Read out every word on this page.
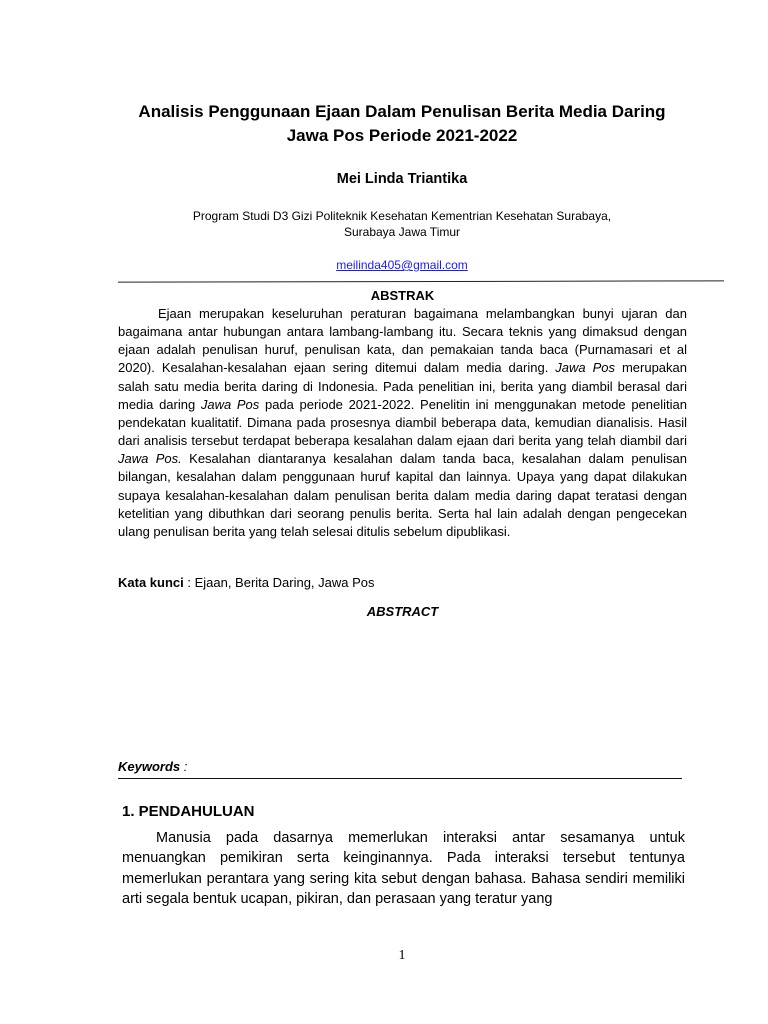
Analisis Penggunaan Ejaan Dalam Penulisan Berita Media Daring
Jawa Pos Periode 2021-2022
Mei Linda Triantika
Program Studi D3 Gizi Politeknik Kesehatan Kementrian Kesehatan Surabaya,
Surabaya Jawa Timur
meilinda405@gmail.com
ABSTRAK
Ejaan merupakan keseluruhan peraturan bagaimana melambangkan bunyi ujaran dan bagaimana antar hubungan antara lambang-lambang itu. Secara teknis yang dimaksud dengan ejaan adalah penulisan huruf, penulisan kata, dan pemakaian tanda baca (Purnamasari et al 2020). Kesalahan-kesalahan ejaan sering ditemui dalam media daring. Jawa Pos merupakan salah satu media berita daring di Indonesia. Pada penelitian ini, berita yang diambil berasal dari media daring Jawa Pos pada periode 2021-2022. Penelitin ini menggunakan metode penelitian pendekatan kualitatif. Dimana pada prosesnya diambil beberapa data, kemudian dianalisis. Hasil dari analisis tersebut terdapat beberapa kesalahan dalam ejaan dari berita yang telah diambil dari Jawa Pos. Kesalahan diantaranya kesalahan dalam tanda baca, kesalahan dalam penulisan bilangan, kesalahan dalam penggunaan huruf kapital dan lainnya. Upaya yang dapat dilakukan supaya kesalahan-kesalahan dalam penulisan berita dalam media daring dapat teratasi dengan ketelitian yang dibuthkan dari seorang penulis berita. Serta hal lain adalah dengan pengecekan ulang penulisan berita yang telah selesai ditulis sebelum dipublikasi.
Kata kunci : Ejaan, Berita Daring, Jawa Pos
ABSTRACT
Keywords :
1. PENDAHULUAN
Manusia pada dasarnya memerlukan interaksi antar sesamanya untuk menuangkan pemikiran serta keinginannya. Pada interaksi tersebut tentunya memerlukan perantara yang sering kita sebut dengan bahasa. Bahasa sendiri memiliki arti segala bentuk ucapan, pikiran, dan perasaan yang teratur yang
1
